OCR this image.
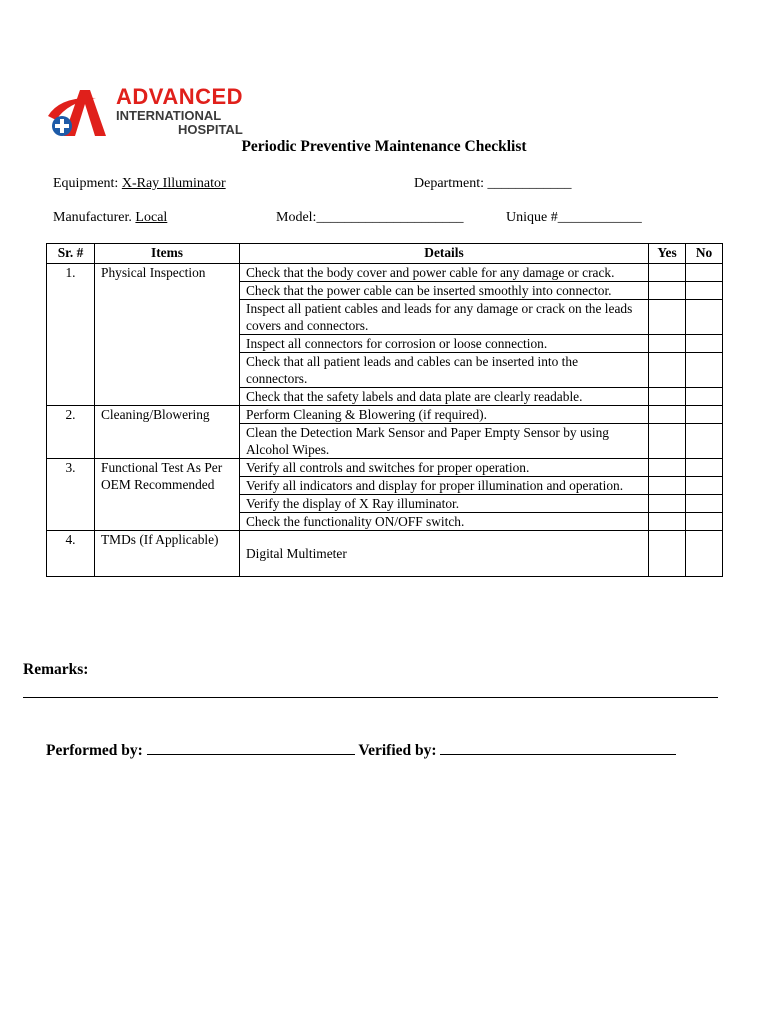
ADVANCED
INTERNATIONAL
HOSPITAL
Periodic Preventive Maintenance Checklist
Equipment: X-Ray Illuminator	Department: ____________
Manufacturer. Local	Model:_____________________	Unique #____________
Sr. #	Items	Details	Yes	No
1.	Physical Inspection	Check that the body cover and power cable for any damage or crack.		
		Check that the power cable can be inserted smoothly into connector.		
		Inspect all patient cables and leads for any damage or crack on the leads covers and connectors.		
		Inspect all connectors for corrosion or loose connection.		
		Check that all patient leads and cables can be inserted into the connectors.		
		Check that the safety labels and data plate are clearly readable.		
2.	Cleaning/Blowering	Perform Cleaning & Blowering (if required).		
		Clean the Detection Mark Sensor and Paper Empty Sensor by using Alcohol Wipes.		
3.	Functional Test As Per OEM Recommended	Verify all controls and switches for proper operation.		
		Verify all indicators and display for proper illumination and operation.		
		Verify the display of X Ray illuminator.		
		Check the functionality ON/OFF switch.		
4.	TMDs (If Applicable)	Digital Multimeter		
Remarks:
Performed by:	Verified by:
